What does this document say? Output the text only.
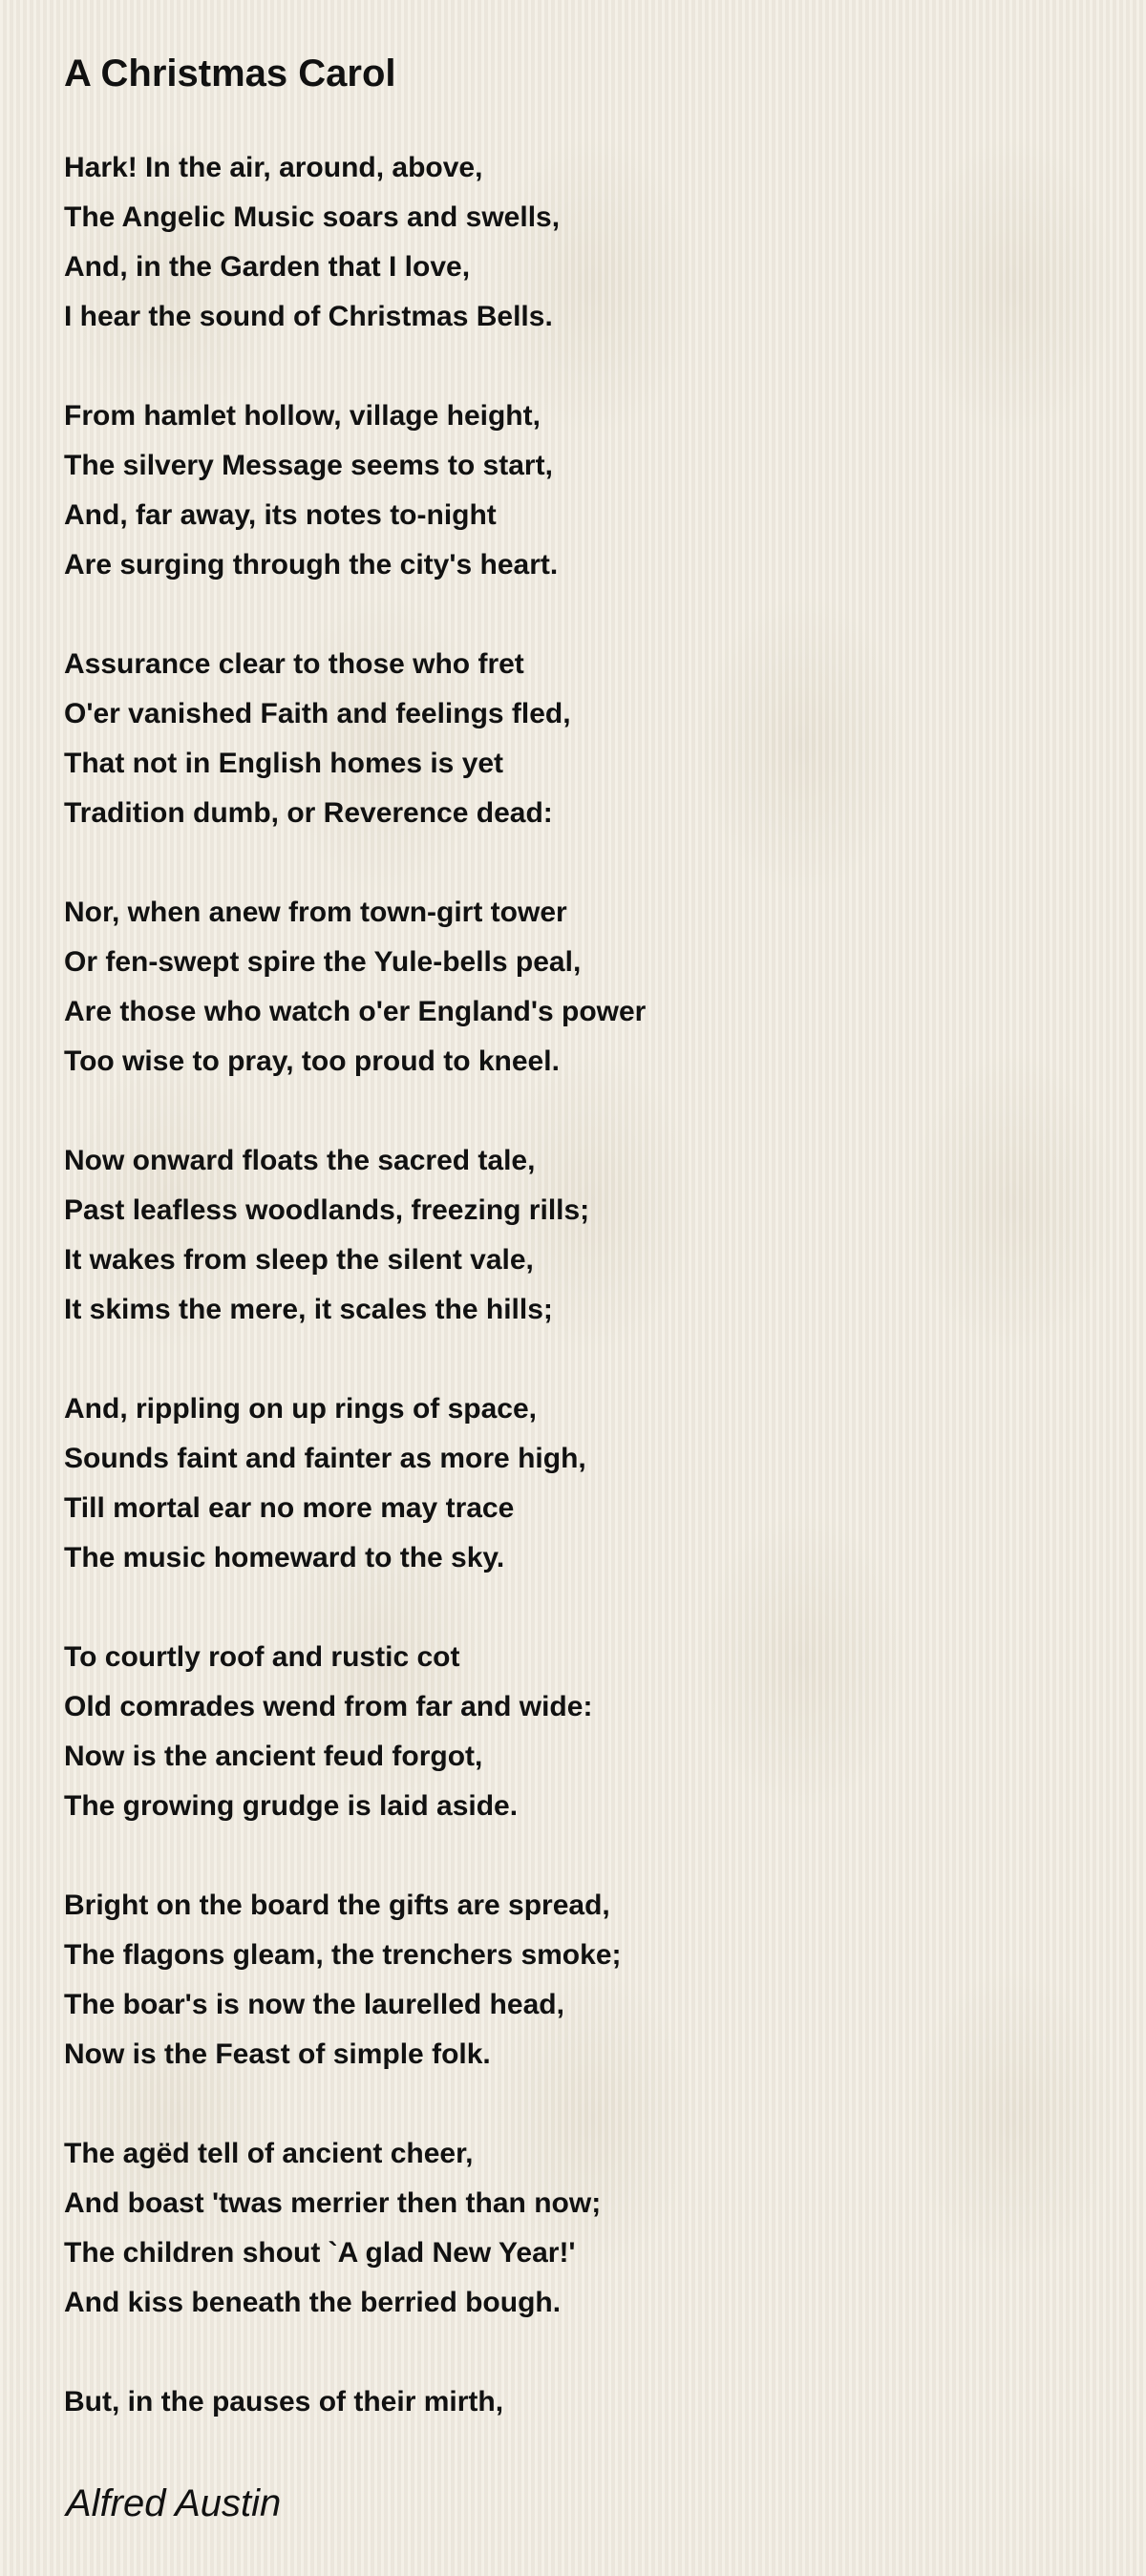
A Christmas Carol
Hark! In the air, around, above,
The Angelic Music soars and swells,
And, in the Garden that I love,
I hear the sound of Christmas Bells.
From hamlet hollow, village height,
The silvery Message seems to start,
And, far away, its notes to-night
Are surging through the city's heart.
Assurance clear to those who fret
O'er vanished Faith and feelings fled,
That not in English homes is yet
Tradition dumb, or Reverence dead:
Nor, when anew from town-girt tower
Or fen-swept spire the Yule-bells peal,
Are those who watch o'er England's power
Too wise to pray, too proud to kneel.
Now onward floats the sacred tale,
Past leafless woodlands, freezing rills;
It wakes from sleep the silent vale,
It skims the mere, it scales the hills;
And, rippling on up rings of space,
Sounds faint and fainter as more high,
Till mortal ear no more may trace
The music homeward to the sky.
To courtly roof and rustic cot
Old comrades wend from far and wide:
Now is the ancient feud forgot,
The growing grudge is laid aside.
Bright on the board the gifts are spread,
The flagons gleam, the trenchers smoke;
The boar's is now the laurelled head,
Now is the Feast of simple folk.
The agëd tell of ancient cheer,
And boast 'twas merrier then than now;
The children shout `A glad New Year!'
And kiss beneath the berried bough.
But, in the pauses of their mirth,

Alfred Austin
